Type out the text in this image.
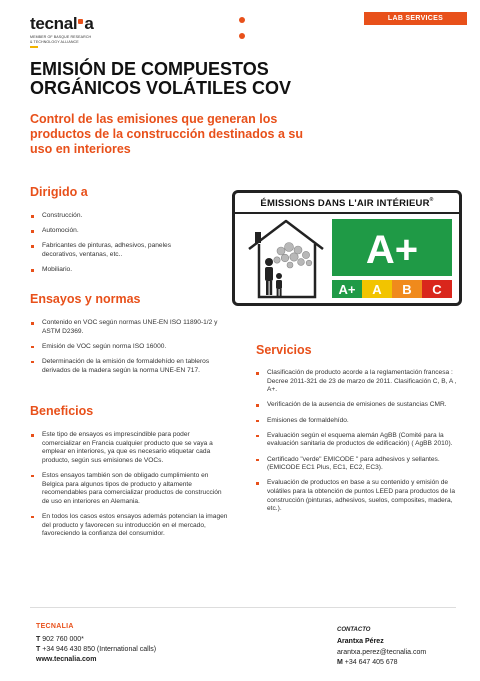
tecnal a
MEMBER OF BASQUE RESEARCH
& TECHNOLOGY ALLIANCE
LAB SERVICES
EMISIÓN DE COMPUESTOS
ORGÁNICOS VOLÁTILES COV
Control de las emisiones que generan los productos de la construcción destinados a su uso en interiores
Dirigido a
Construcción.
Automoción.
Fabricantes de pinturas, adhesivos, paneles decorativos, ventanas, etc..
Mobiliario.
Ensayos y normas
Contenido en VOC según normas UNE-EN ISO 11890-1/2 y ASTM D2369.
Emisión de VOC según norma ISO 16000.
Determinación de la emisión de formaldehído en tableros derivados de la madera según la norma UNE-EN 717.
Beneficios
Este tipo de ensayos es imprescindible para poder comercializar en Francia cualquier producto que se vaya a emplear en interiores, ya que es necesario etiquetar cada producto, según sus emisiones de VOCs.
Estos ensayos también son de obligado cumplimiento en Belgica para algunos tipos de producto y altamente recomendables para comercializar productos de construcción de uso en interiores en Alemania.
En todos los casos estos ensayos además potencian la imagen del producto y favorecen su introducción en el mercado, favoreciendo la confianza del consumidor.
ÉMISSIONS DANS L'AIR INTÉRIEUR ®
A+
A+ A B C
Servicios
Clasificación de producto acorde a la reglamentación francesa : Decree 2011-321 de 23 de marzo de 2011. Clasificación C, B, A , A+.
Verificación de la ausencia de emisiones de sustancias CMR.
Emisiones de formaldehído.
Evaluación según el esquema alemán AgBB (Comité para la evaluación sanitaria de productos de edificación) ( AgBB 2010).
Certificado "verde" EMICODE " para adhesivos y sellantes. (EMICODE EC1 Plus, EC1, EC2, EC3).
Evaluación de productos en base a su contenido y emisión de volátiles para la obtención de puntos LEED para productos de la construcción (pinturas, adhesivos, suelos, composites, madera, etc.).
TECNALIA
T 902 760 000*
T +34 946 430 850 (International calls)
www.tecnalia.com
CONTACTO
Arantxa Pérez
arantxa.perez@tecnalia.com
M +34 647 405 678
